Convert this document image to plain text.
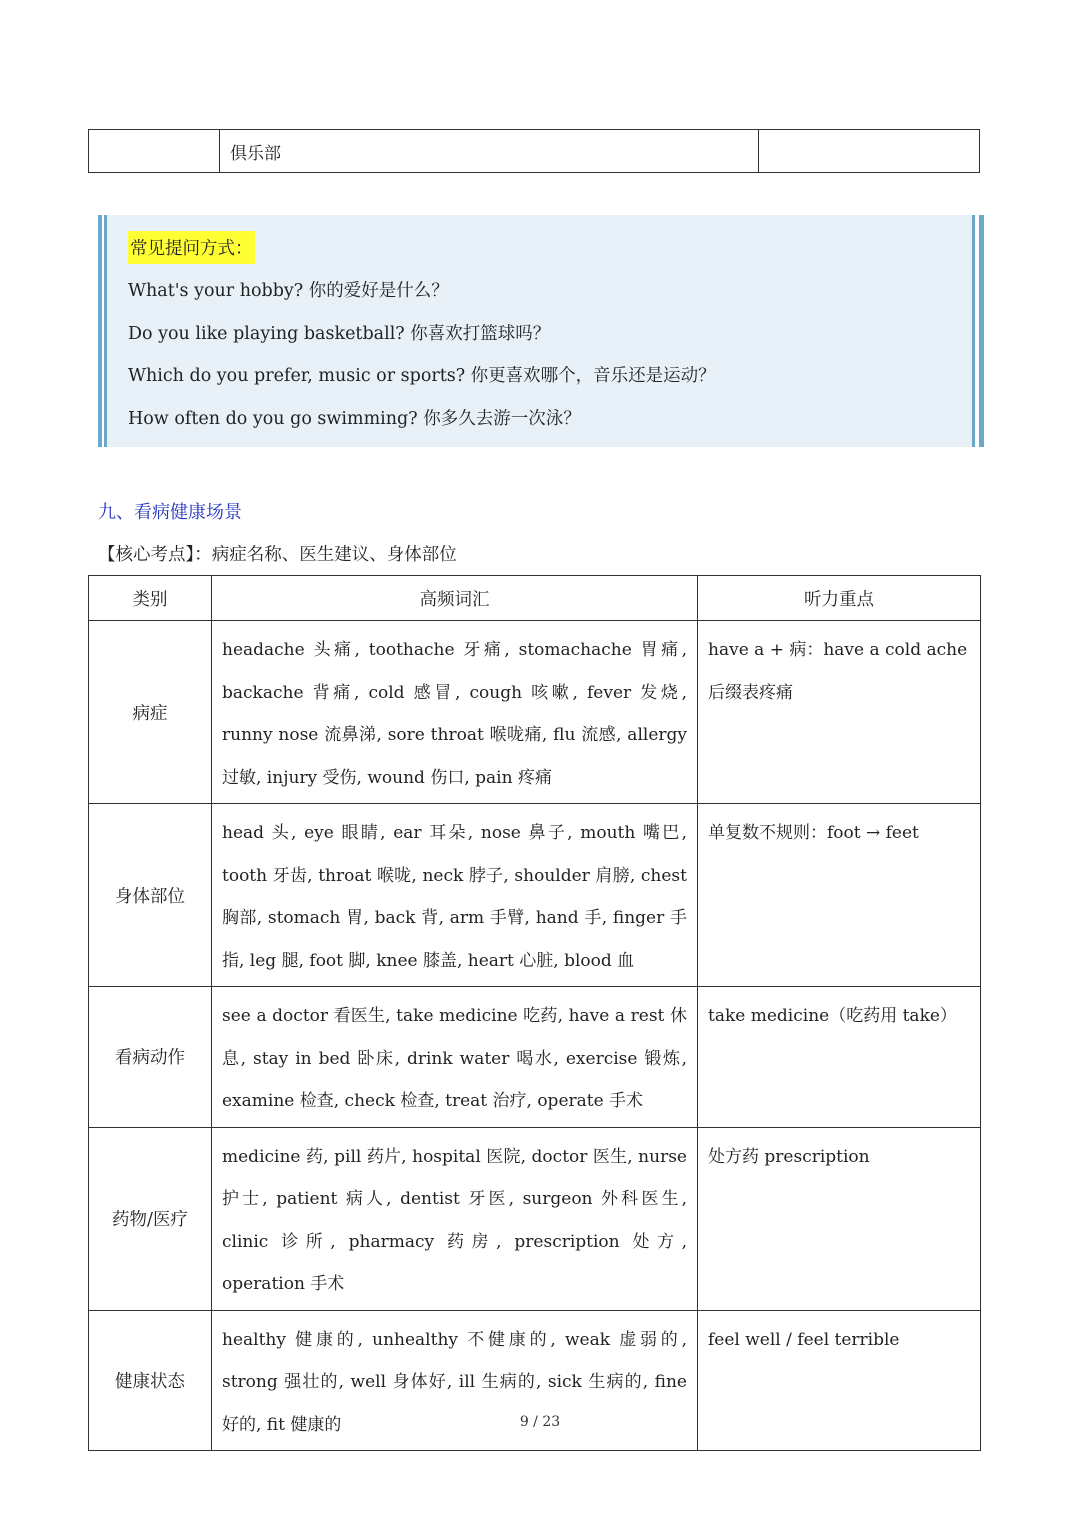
	俱乐部	
常见提问方式：
What's your hobby? 你的爱好是什么？
Do you like playing basketball? 你喜欢打篮球吗？
Which do you prefer, music or sports? 你更喜欢哪个，音乐还是运动？
How often do you go swimming? 你多久去游一次泳？
九、看病健康场景
【核心考点】：病症名称、医生建议、身体部位
类别	高频词汇	听力重点
病症	headache 头痛, toothache 牙痛, stomachache 胃痛, backache 背痛, cold 感冒, cough 咳嗽, fever 发烧, runny nose 流鼻涕, sore throat 喉咙痛, flu 流感, allergy 过敏, injury 受伤, wound 伤口, pain 疼痛	have a + 病：have a cold ache 后缀表疼痛
身体部位	head 头, eye 眼睛, ear 耳朵, nose 鼻子, mouth 嘴巴, tooth 牙齿, throat 喉咙, neck 脖子, shoulder 肩膀, chest 胸部, stomach 胃, back 背, arm 手臂, hand 手, finger 手指, leg 腿, foot 脚, knee 膝盖, heart 心脏, blood 血	单复数不规则：foot → feet
看病动作	see a doctor 看医生, take medicine 吃药, have a rest 休息, stay in bed 卧床, drink water 喝水, exercise 锻炼, examine 检查, check 检查, treat 治疗, operate 手术	take medicine（吃药用 take）
药物/医疗	medicine 药, pill 药片, hospital 医院, doctor 医生, nurse 护士, patient 病人, dentist 牙医, surgeon 外科医生, clinic 诊所, pharmacy 药房, prescription 处方, operation 手术	处方药 prescription
健康状态	healthy 健康的, unhealthy 不健康的, weak 虚弱的, strong 强壮的, well 身体好, ill 生病的, sick 生病的, fine 好的, fit 健康的	feel well / feel terrible
9 / 23
